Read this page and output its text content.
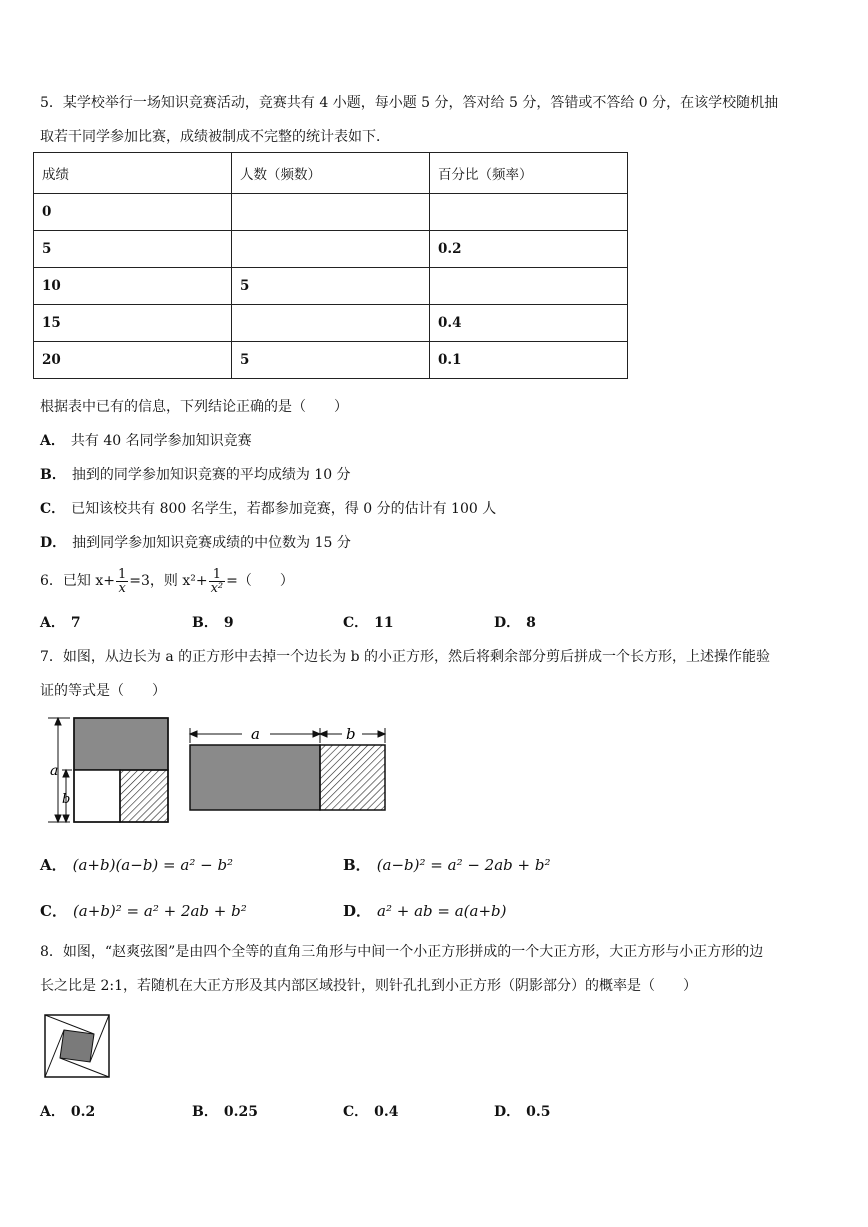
5．某学校举行一场知识竞赛活动，竞赛共有 4 小题，每小题 5 分，答对给 5 分，答错或不答给 0 分，在该学校随机抽
取若干同学参加比赛，成绩被制成不完整的统计表如下．
成绩	人数（频数）	百分比（频率）
0		
5		0.2
10	5	
15		0.4
20	5	0.1
根据表中已有的信息，下列结论正确的是（　　）
A． 共有 40 名同学参加知识竞赛
B． 抽到的同学参加知识竞赛的平均成绩为 10 分
C． 已知该校共有 800 名学生，若都参加竞赛，得 0 分的估计有 100 人
D． 抽到同学参加知识竞赛成绩的中位数为 15 分
6．已知 $x+ \frac{1}{x} =3$，则 $x^2+ \frac{1}{\text{x²}}$ =（　　）
A． 7	B． 9	C． 11	D． 8
7．如图，从边长为 a 的正方形中去掉一个边长为 b 的小正方形，然后将剩余部分剪后拼成一个长方形，上述操作能验
证的等式是（　　）
a
b
a	b
A． (a+b)(a−b) = a² − b²	B． (a−b)² = a² − 2ab + b²
C． (a+b)² = a² + 2ab + b²	D． a² + ab = a(a+b)
8．如图，“赵爽弦图”是由四个全等的直角三角形与中间一个小正方形拼成的一个大正方形，大正方形与小正方形的边
长之比是 2:1，若随机在大正方形及其内部区域投针，则针孔扎到小正方形（阴影部分）的概率是（　　）
A． 0.2	B． 0.25	C． 0.4	D． 0.5
